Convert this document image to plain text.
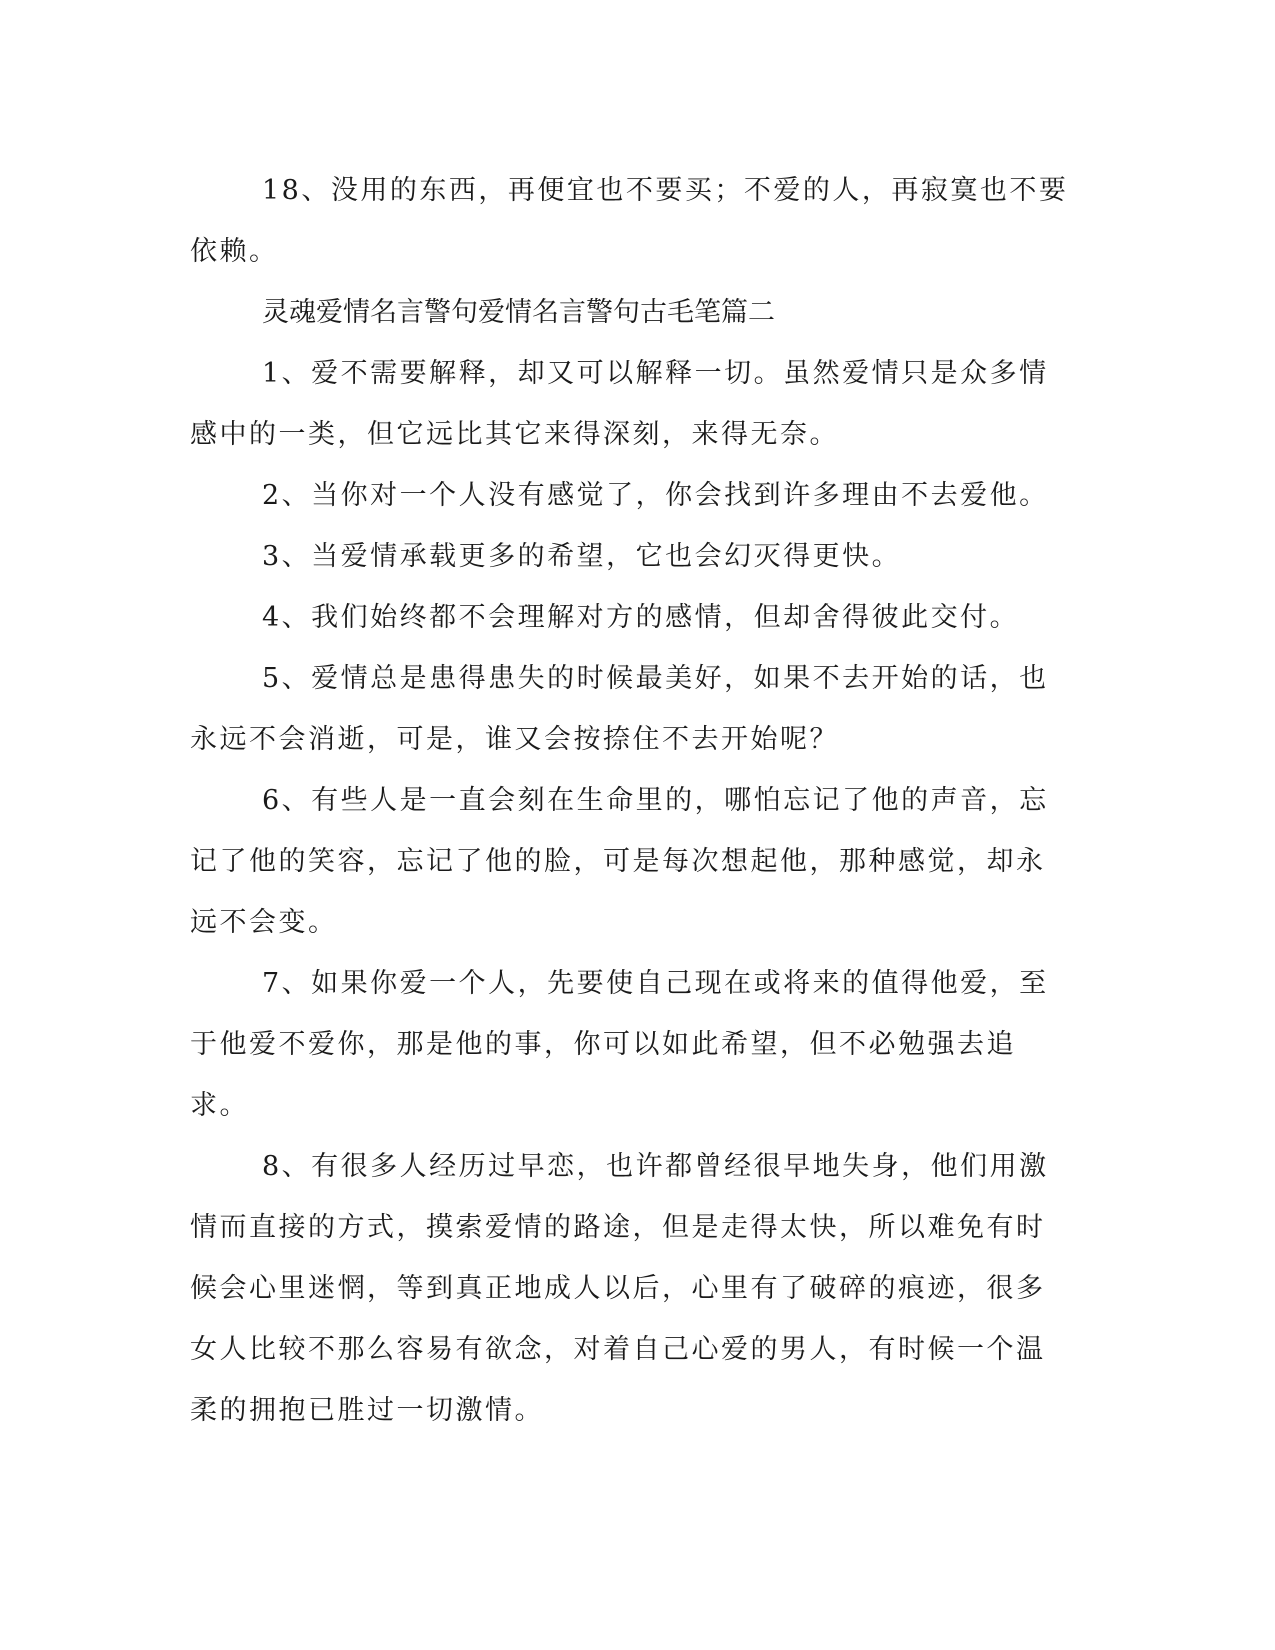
18、没用的东西，再便宜也不要买；不爱的人，再寂寞也不要依赖。

灵魂爱情名言警句爱情名言警句古毛笔篇二

1、爱不需要解释，却又可以解释一切。虽然爱情只是众多情感中的一类，但它远比其它来得深刻，来得无奈。

2、当你对一个人没有感觉了，你会找到许多理由不去爱他。

3、当爱情承载更多的希望，它也会幻灭得更快。

4、我们始终都不会理解对方的感情，但却舍得彼此交付。

5、爱情总是患得患失的时候最美好，如果不去开始的话，也永远不会消逝，可是，谁又会按捺住不去开始呢？

6、有些人是一直会刻在生命里的，哪怕忘记了他的声音，忘记了他的笑容，忘记了他的脸，可是每次想起他，那种感觉，却永远不会变。

7、如果你爱一个人，先要使自己现在或将来的值得他爱，至于他爱不爱你，那是他的事，你可以如此希望，但不必勉强去追求。

8、有很多人经历过早恋，也许都曾经很早地失身，他们用激情而直接的方式，摸索爱情的路途，但是走得太快，所以难免有时候会心里迷惘，等到真正地成人以后，心里有了破碎的痕迹，很多女人比较不那么容易有欲念，对着自己心爱的男人，有时候一个温柔的拥抱已胜过一切激情。
